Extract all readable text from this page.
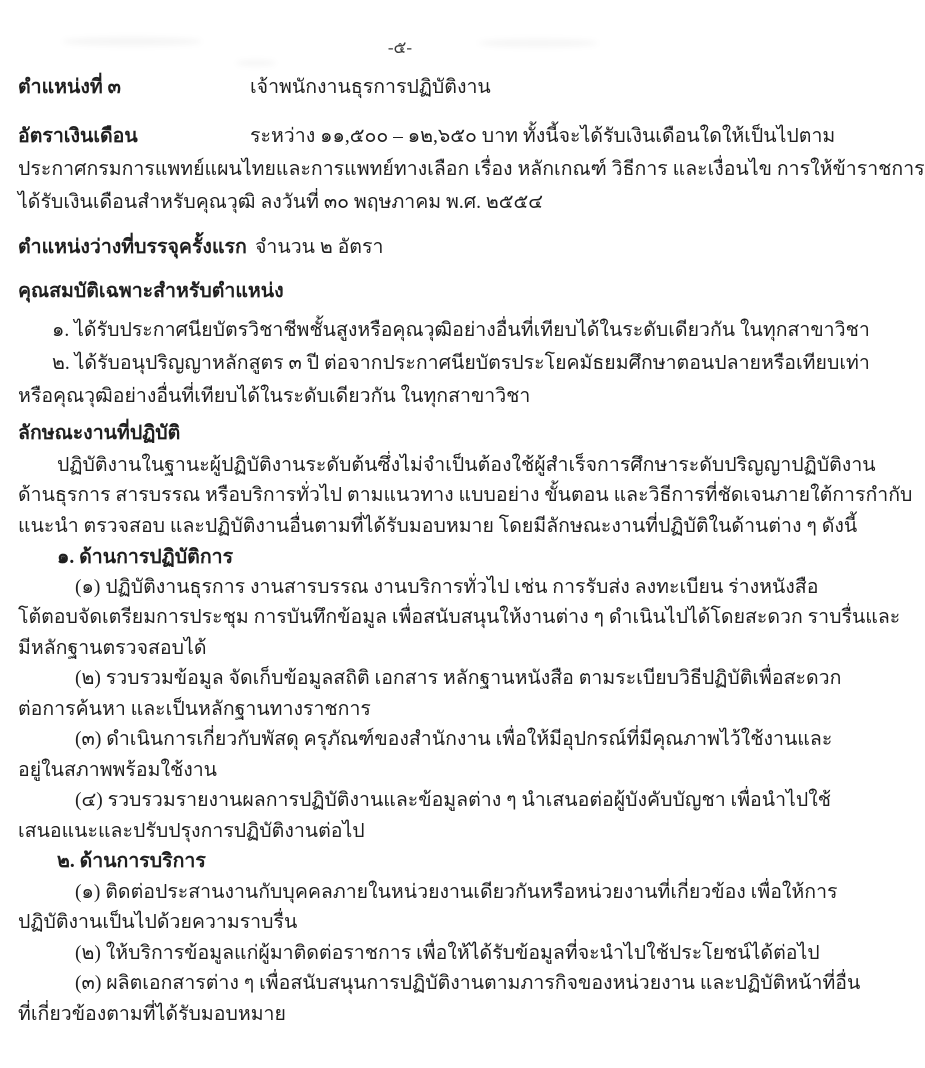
-๕-
ตำแหน่งที่ ๓	เจ้าพนักงานธุรการปฏิบัติงาน
อัตราเงินเดือน	ระหว่าง ๑๑,๕๐๐ – ๑๒,๖๕๐ บาท ทั้งนี้จะได้รับเงินเดือนใดให้เป็นไปตาม
ประกาศกรมการแพทย์แผนไทยและการแพทย์ทางเลือก เรื่อง หลักเกณฑ์ วิธีการ และเงื่อนไข การให้ข้าราชการ
ได้รับเงินเดือนสำหรับคุณวุฒิ ลงวันที่ ๓๐ พฤษภาคม พ.ศ. ๒๕๕๔
ตำแหน่งว่างที่บรรจุครั้งแรก จำนวน ๒ อัตรา
คุณสมบัติเฉพาะสำหรับตำแหน่ง
๑. ได้รับประกาศนียบัตรวิชาชีพชั้นสูงหรือคุณวุฒิอย่างอื่นที่เทียบได้ในระดับเดียวกัน ในทุกสาขาวิชา
๒. ได้รับอนุปริญญาหลักสูตร ๓ ปี ต่อจากประกาศนียบัตรประโยคมัธยมศึกษาตอนปลายหรือเทียบเท่า
หรือคุณวุฒิอย่างอื่นที่เทียบได้ในระดับเดียวกัน ในทุกสาขาวิชา
ลักษณะงานที่ปฏิบัติ
ปฏิบัติงานในฐานะผู้ปฏิบัติงานระดับต้นซึ่งไม่จำเป็นต้องใช้ผู้สำเร็จการศึกษาระดับปริญญาปฏิบัติงาน
ด้านธุรการ สารบรรณ หรือบริการทั่วไป ตามแนวทาง แบบอย่าง ขั้นตอน และวิธีการที่ชัดเจนภายใต้การกำกับ
แนะนำ ตรวจสอบ และปฏิบัติงานอื่นตามที่ได้รับมอบหมาย โดยมีลักษณะงานที่ปฏิบัติในด้านต่าง ๆ ดังนี้
๑. ด้านการปฏิบัติการ
(๑) ปฏิบัติงานธุรการ งานสารบรรณ งานบริการทั่วไป เช่น การรับส่ง ลงทะเบียน ร่างหนังสือ
โต้ตอบจัดเตรียมการประชุม การบันทึกข้อมูล เพื่อสนับสนุนให้งานต่าง ๆ ดำเนินไปได้โดยสะดวก ราบรื่นและ
มีหลักฐานตรวจสอบได้
(๒) รวบรวมข้อมูล จัดเก็บข้อมูลสถิติ เอกสาร หลักฐานหนังสือ ตามระเบียบวิธีปฏิบัติเพื่อสะดวก
ต่อการค้นหา และเป็นหลักฐานทางราชการ
(๓) ดำเนินการเกี่ยวกับพัสดุ ครุภัณฑ์ของสำนักงาน เพื่อให้มีอุปกรณ์ที่มีคุณภาพไว้ใช้งานและ
อยู่ในสภาพพร้อมใช้งาน
(๔) รวบรวมรายงานผลการปฏิบัติงานและข้อมูลต่าง ๆ นำเสนอต่อผู้บังคับบัญชา เพื่อนำไปใช้
เสนอแนะและปรับปรุงการปฏิบัติงานต่อไป
๒. ด้านการบริการ
(๑) ติดต่อประสานงานกับบุคคลภายในหน่วยงานเดียวกันหรือหน่วยงานที่เกี่ยวข้อง เพื่อให้การ
ปฏิบัติงานเป็นไปด้วยความราบรื่น
(๒) ให้บริการข้อมูลแก่ผู้มาติดต่อราชการ เพื่อให้ได้รับข้อมูลที่จะนำไปใช้ประโยชน์ได้ต่อไป
(๓) ผลิตเอกสารต่าง ๆ เพื่อสนับสนุนการปฏิบัติงานตามภารกิจของหน่วยงาน และปฏิบัติหน้าที่อื่น
ที่เกี่ยวข้องตามที่ได้รับมอบหมาย
